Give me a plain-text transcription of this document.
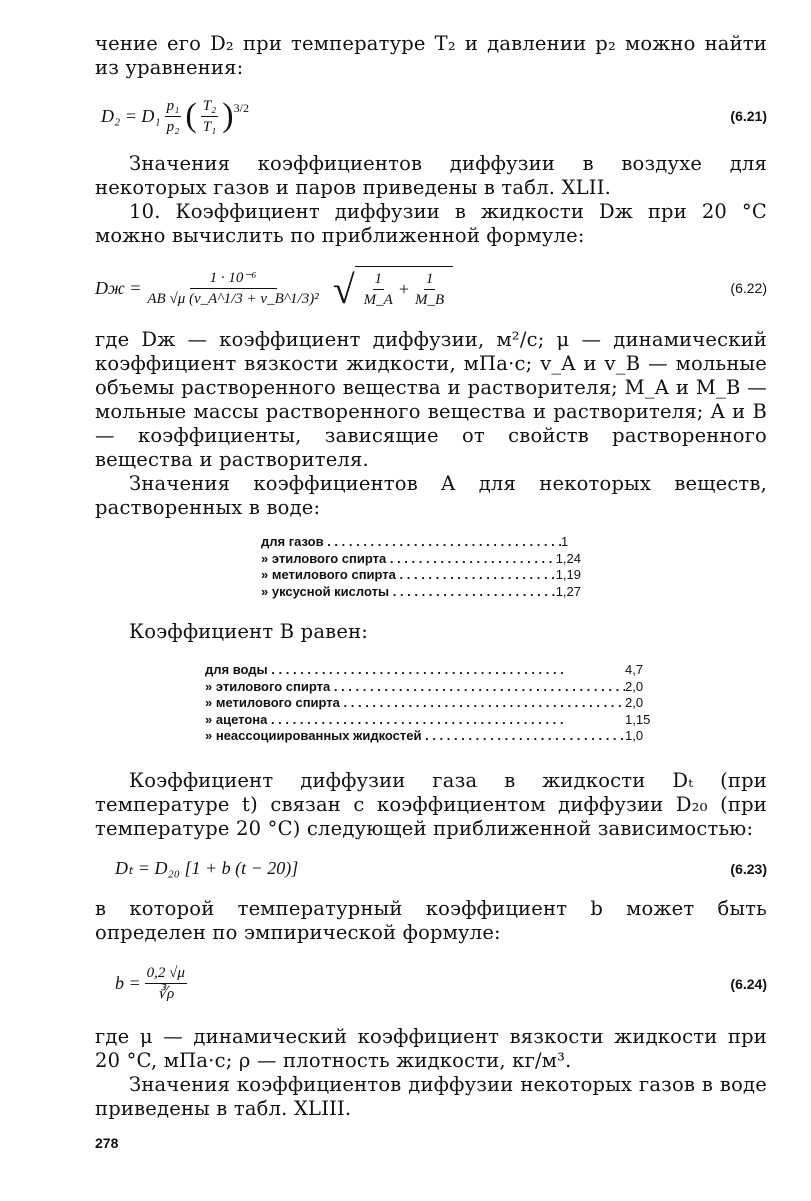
чение его D₂ при температуре T₂ и давлении p₂ можно найти из уравнения:

$D_2 = D_1 \frac{\text{p₁}}{\text{p₂}}$ ( $\frac{\text{T₂}}{\text{T₁}}$ ) 3/2
(6.21)

Значения коэффициентов диффузии в воздухе для некоторых газов и паров приведены в табл. XLII.

10. Коэффициент диффузии в жидкости Dж при 20 °C можно вычислить по приближенной формуле:

Dж = $\frac{\text{1 · 10⁻⁶}}{\text{AB √μ (v\_A\textasciicircum{}1/3 + v\_B\textasciicircum{}1/3)²}}$ √ $\frac{1}{M\_A} + \frac{1}{M\_B}$	(6.22)

где Dж — коэффициент диффузии, м²/с; μ — динамический коэффициент вязкости жидкости, мПа·с; v_A и v_B — мольные объемы растворенного вещества и растворителя; M_A и M_B — мольные массы растворенного вещества и растворителя; A и B — коэффициенты, зависящие от свойств растворенного вещества и растворителя.

Значения коэффициентов A для некоторых веществ, растворенных в воде:

для газов . . .	1
» этилового спирта . . .	1,24
» метилового спирта . . .	1,19
» уксусной кислоты . . .	1,27

Коэффициент B равен:

для воды . . .	4,7
» этилового спирта . . .	2,0
» метилового спирта . . .	2,0
» ацетона . . .	1,15
» неассоциированных жидкостей . . .	1,0

Коэффициент диффузии газа в жидкости Dₜ (при температуре t) связан с коэффициентом диффузии D₂₀ (при температуре 20 °C) следующей приближенной зависимостью:

Dₜ = D₂₀ [1 + b (t − 20)]	(6.23)

в которой температурный коэффициент b может быть определен по эмпирической формуле:

$b = \frac{0,2 √\mu}{∛\rho}$	(6.24)

где μ — динамический коэффициент вязкости жидкости при 20 °C, мПа·с; ρ — плотность жидкости, кг/м³.

Значения коэффициентов диффузии некоторых газов в воде приведены в табл. XLIII.

278
